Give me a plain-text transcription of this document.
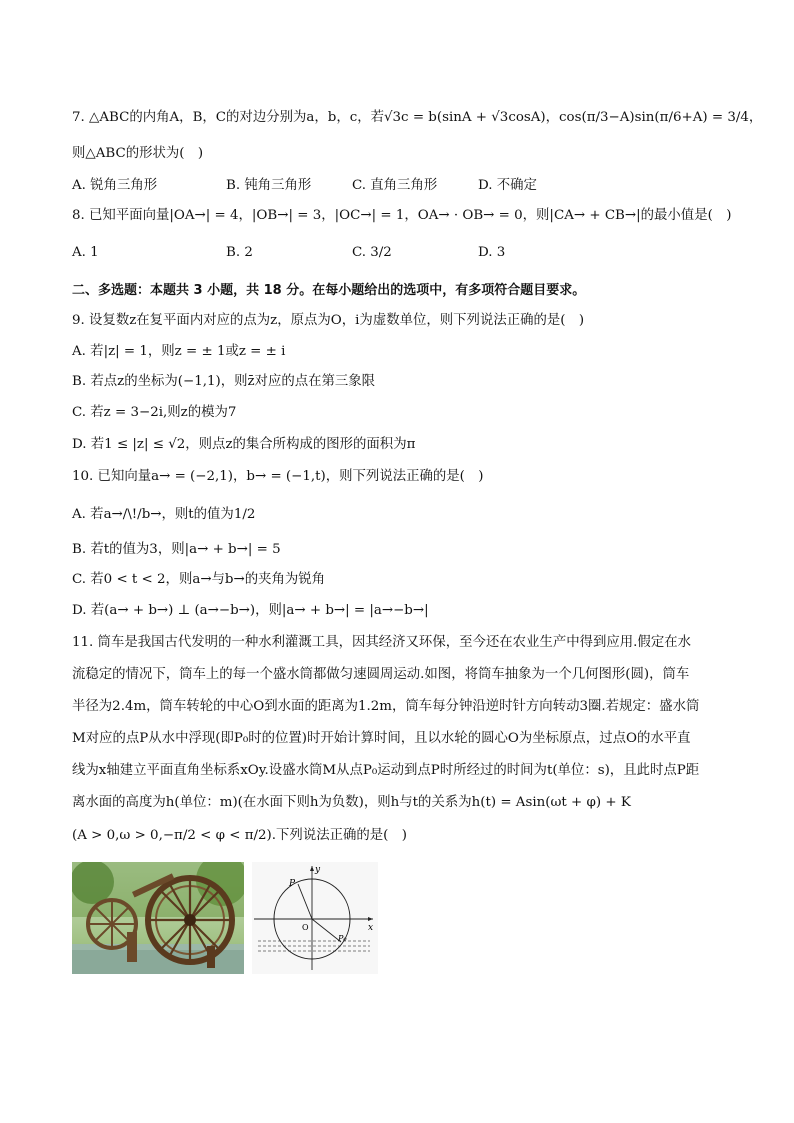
7. △ABC的内角A，B，C的对边分别为a，b，c，若√3c = b(sinA + √3cosA)，cos(π/3−A)sin(π/6+A) = 3/4，
则△ABC的形状为(　)
A. 锐角三角形	B. 钝角三角形	C. 直角三角形	D. 不确定
8. 已知平面向量|OA→| = 4，|OB→| = 3，|OC→| = 1，OA→ · OB→ = 0，则|CA→ + CB→|的最小值是(　)
A. 1	B. 2	C. 3/2	D. 3
二、多选题：本题共 3 小题，共 18 分。在每小题给出的选项中，有多项符合题目要求。
9. 设复数z在复平面内对应的点为z，原点为O，i为虚数单位，则下列说法正确的是(　)
A. 若|z| = 1，则z = ± 1或z = ± i
B. 若点z的坐标为(−1,1)，则z̄对应的点在第三象限
C. 若z = 3−2i,则z的模为7
D. 若1 ≤ |z| ≤ √2，则点z的集合所构成的图形的面积为π
10. 已知向量a→ = (−2,1)，b→ = (−1,t)，则下列说法正确的是(　)
A. 若a→/\!/b→，则t的值为1/2
B. 若t的值为3，则|a→ + b→| = 5
C. 若0 < t < 2，则a→与b→的夹角为锐角
D. 若(a→ + b→) ⊥ (a→−b→)，则|a→ + b→| = |a→−b→|
11. 筒车是我国古代发明的一种水利灌溉工具，因其经济又环保，至今还在农业生产中得到应用.假定在水
流稳定的情况下，筒车上的每一个盛水筒都做匀速圆周运动.如图，将筒车抽象为一个几何图形(圆)，筒车
半径为2.4m，筒车转轮的中心O到水面的距离为1.2m，筒车每分钟沿逆时针方向转动3圈.若规定：盛水筒
M对应的点P从水中浮现(即P₀时的位置)时开始计算时间，且以水轮的圆心O为坐标原点，过点O的水平直
线为x轴建立平面直角坐标系xOy.设盛水筒M从点P₀运动到点P时所经过的时间为t(单位：s)，且此时点P距
离水面的高度为h(单位：m)(在水面下则h为负数)，则h与t的关系为h(t) = Asin(ωt + φ) + K
(A > 0,ω > 0,−π/2 < φ < π/2).下列说法正确的是(　)
y
x
O
P
P₀
